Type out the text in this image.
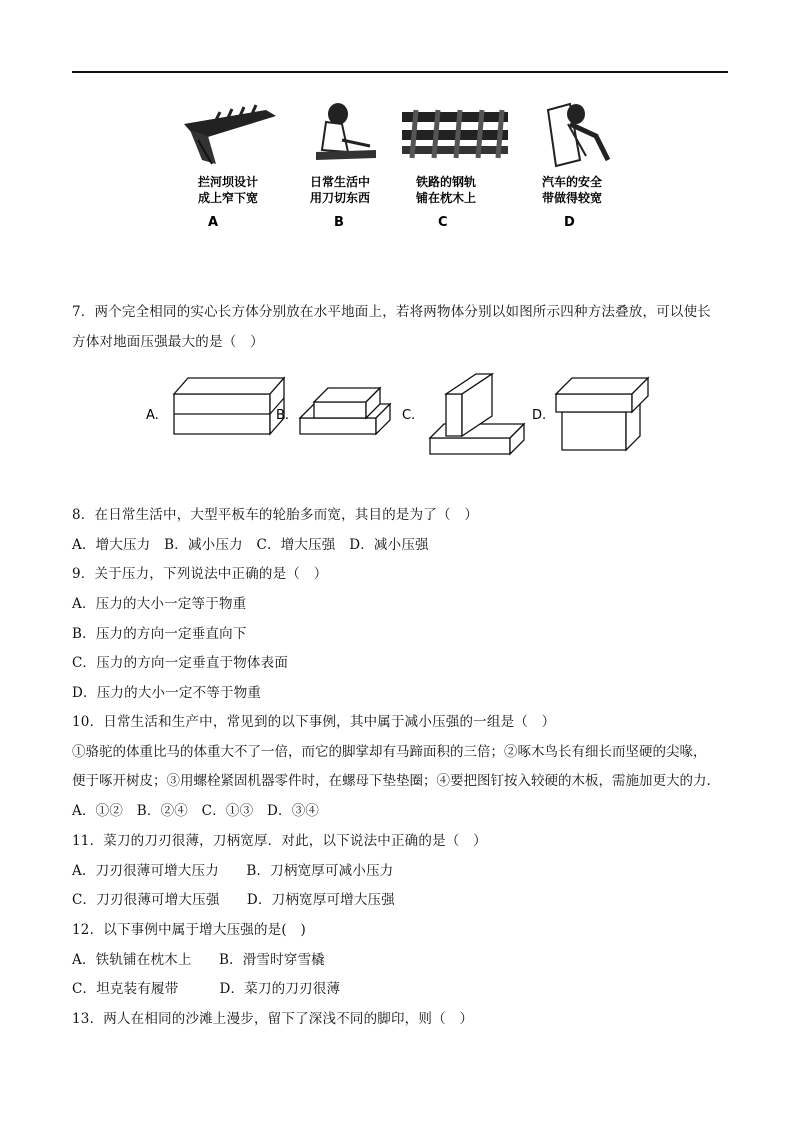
拦河坝设计
成上窄下宽
日常生活中
用刀切东西
铁路的钢轨
铺在枕木上
汽车的安全
带做得较宽
A	B	C	D
7．两个完全相同的实心长方体分别放在水平地面上，若将两物体分别以如图所示四种方法叠放，可以使长
方体对地面压强最大的是（　）
A.	B.	C.	D.
8．在日常生活中，大型平板车的轮胎多而宽，其目的是为了（　）
A．增大压力　B．减小压力　C．增大压强　D．减小压强
9．关于压力，下列说法中正确的是（　）
A．压力的大小一定等于物重
B．压力的方向一定垂直向下
C．压力的方向一定垂直于物体表面
D．压力的大小一定不等于物重
10．日常生活和生产中，常见到的以下事例，其中属于减小压强的一组是（　）
①骆驼的体重比马的体重大不了一倍，而它的脚掌却有马蹄面积的三倍；②啄木鸟长有细长而坚硬的尖喙，
便于啄开树皮；③用螺栓紧固机器零件时，在螺母下垫垫圈；④要把图钉按入较硬的木板，需施加更大的力.
A．①②　B．②④　C．①③　D．③④
11．菜刀的刀刃很薄，刀柄宽厚．对此，以下说法中正确的是（　）
A．刀刃很薄可增大压力　　B．刀柄宽厚可减小压力
C．刀刃很薄可增大压强　　D．刀柄宽厚可增大压强
12．以下事例中属于增大压强的是(　)
A．铁轨铺在枕木上　　B．滑雪时穿雪橇
C．坦克装有履带　　　D．菜刀的刀刃很薄
13．两人在相同的沙滩上漫步，留下了深浅不同的脚印，则（　）
